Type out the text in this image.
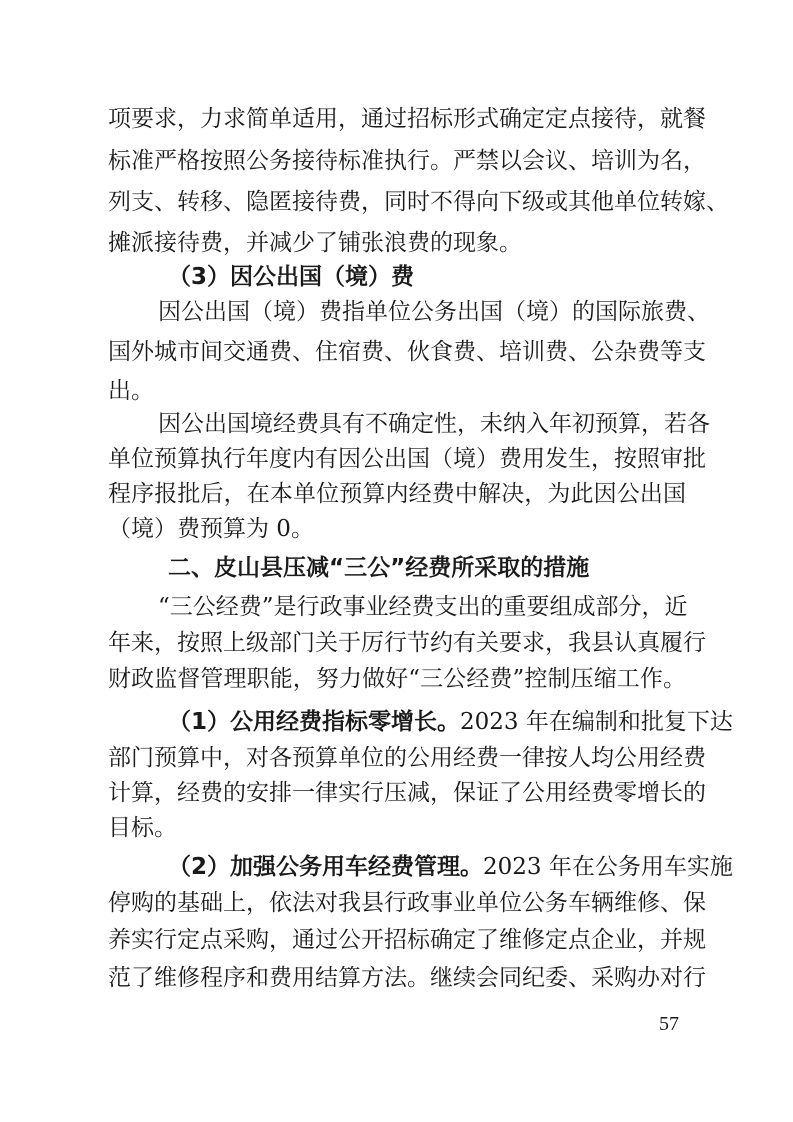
项要求，力求简单适用，通过招标形式确定定点接待，就餐
标准严格按照公务接待标准执行。严禁以会议、培训为名，
列支、转移、隐匿接待费，同时不得向下级或其他单位转嫁、
摊派接待费，并减少了铺张浪费的现象。
（3）因公出国（境）费
因公出国（境）费指单位公务出国（境）的国际旅费、
国外城市间交通费、住宿费、伙食费、培训费、公杂费等支
出。
因公出国境经费具有不确定性，未纳入年初预算，若各
单位预算执行年度内有因公出国（境）费用发生，按照审批
程序报批后，在本单位预算内经费中解决，为此因公出国
（境）费预算为 0。
二、皮山县压减“三公”经费所采取的措施
“三公经费”是行政事业经费支出的重要组成部分，近
年来，按照上级部门关于厉行节约有关要求，我县认真履行
财政监督管理职能，努力做好“三公经费”控制压缩工作。
（1）公用经费指标零增长。2023 年在编制和批复下达
部门预算中，对各预算单位的公用经费一律按人均公用经费
计算，经费的安排一律实行压减，保证了公用经费零增长的
目标。
（2）加强公务用车经费管理。2023 年在公务用车实施
停购的基础上，依法对我县行政事业单位公务车辆维修、保
养实行定点采购，通过公开招标确定了维修定点企业，并规
范了维修程序和费用结算方法。继续会同纪委、采购办对行
57
